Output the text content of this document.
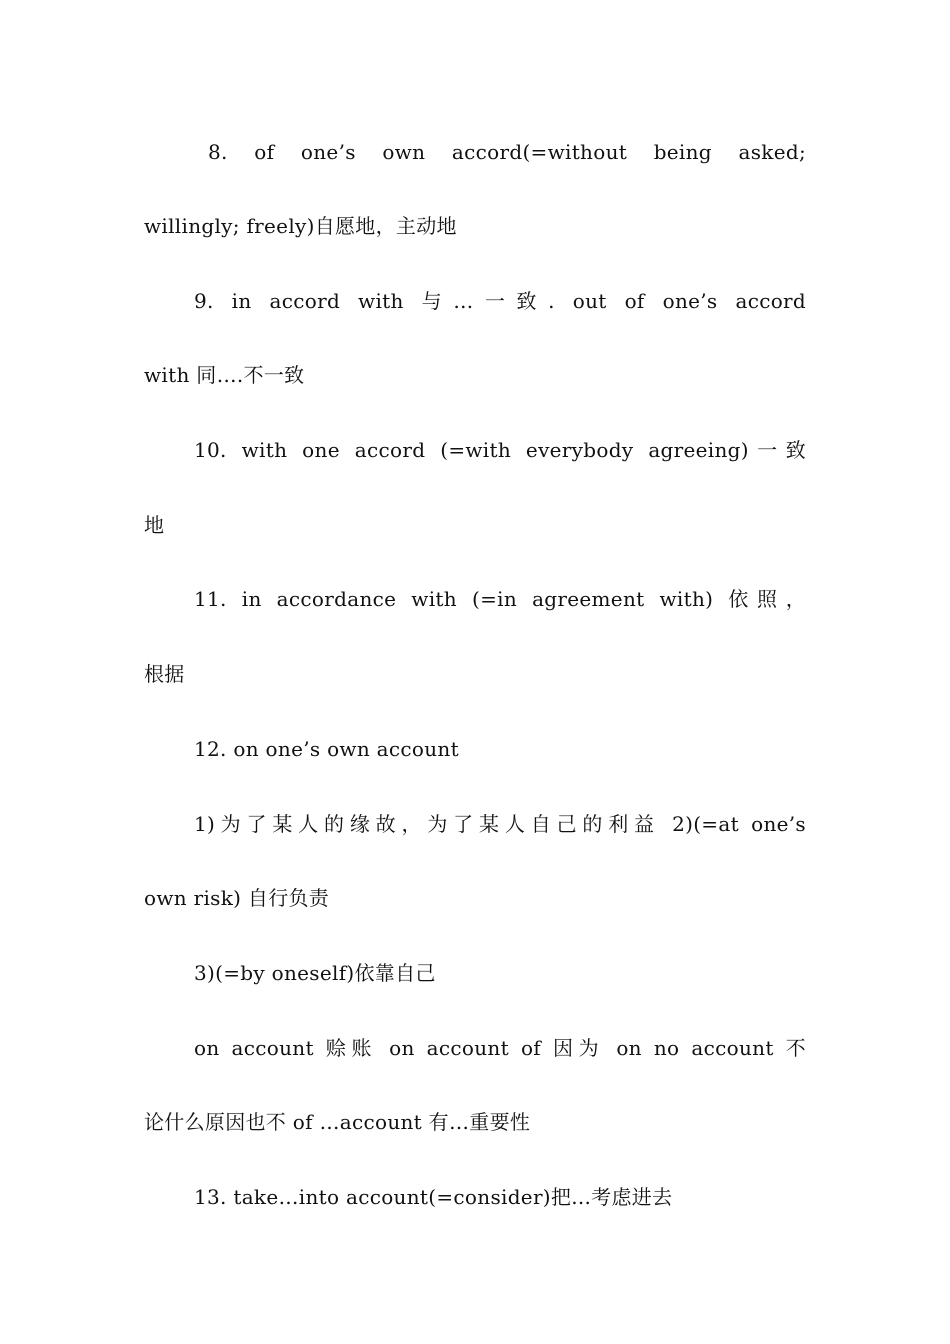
8. of one’s own accord(=without being asked;
willingly; freely)自愿地，主动地
9. in accord with 与…一致. out of one’s accord
with 同….不一致
10. with one accord (=with everybody agreeing)一致
地
11. in accordance with (=in agreement with) 依照，
根据
12. on one’s own account
1)为了某人的缘故，为了某人自己的利益 2)(=at one’s
own risk) 自行负责
3)(=by oneself)依靠自己
on account 赊账 on account of 因为 on no account 不
论什么原因也不 of …account 有…重要性
13. take…into account(=consider)把...考虑进去
